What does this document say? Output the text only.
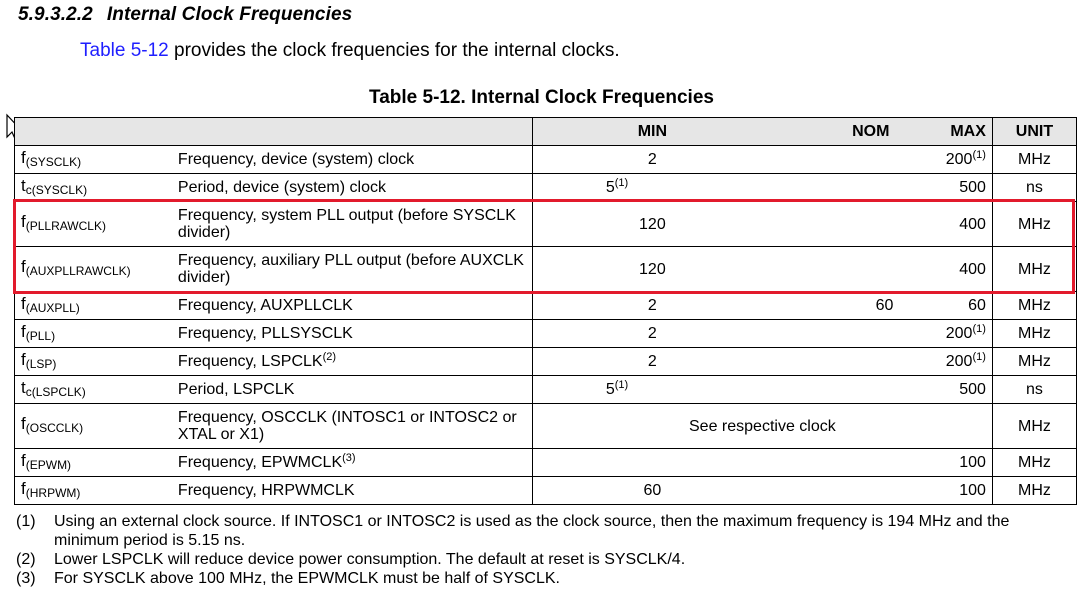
5.9.3.2.2 Internal Clock Frequencies
Table 5-12 provides the clock frequencies for the internal clocks.
Table 5-12. Internal Clock Frequencies
		MIN	NOM	MAX	UNIT
$f_{(SYSCLK)}$	Frequency, device (system) clock	2		200$^{(1)}$	MHz
$t_{c(SYSCLK)}$	Period, device (system) clock	5$^{(1)}$		500	ns
$f_{(PLLRAWCLK)}$	Frequency, system PLL output (before SYSCLK divider)	120		400	MHz
$f_{(AUXPLLRAWCLK)}$	Frequency, auxiliary PLL output (before AUXCLK divider)	120		400	MHz
$f_{(AUXPLL)}$	Frequency, AUXPLLCLK	2	60	60	MHz
$f_{(PLL)}$	Frequency, PLLSYSCLK	2		200$^{(1)}$	MHz
$f_{(LSP)}$	Frequency, LSPCLK$^{(2)}$	2		200$^{(1)}$	MHz
$t_{c(LSPCLK)}$	Period, LSPCLK	5$^{(1)}$		500	ns
$f_{(OSCCLK)}$	Frequency, OSCCLK (INTOSC1 or INTOSC2 or XTAL or X1)	See respective clock			MHz
$f_{(EPWM)}$	Frequency, EPWMCLK$^{(3)}$			100	MHz
$f_{(HRPWM)}$	Frequency, HRPWMCLK	60		100	MHz
(1)	Using an external clock source. If INTOSC1 or INTOSC2 is used as the clock source, then the maximum frequency is 194 MHz and the minimum period is 5.15 ns.
(2)	Lower LSPCLK will reduce device power consumption. The default at reset is SYSCLK/4.
(3)	For SYSCLK above 100 MHz, the EPWMCLK must be half of SYSCLK.
